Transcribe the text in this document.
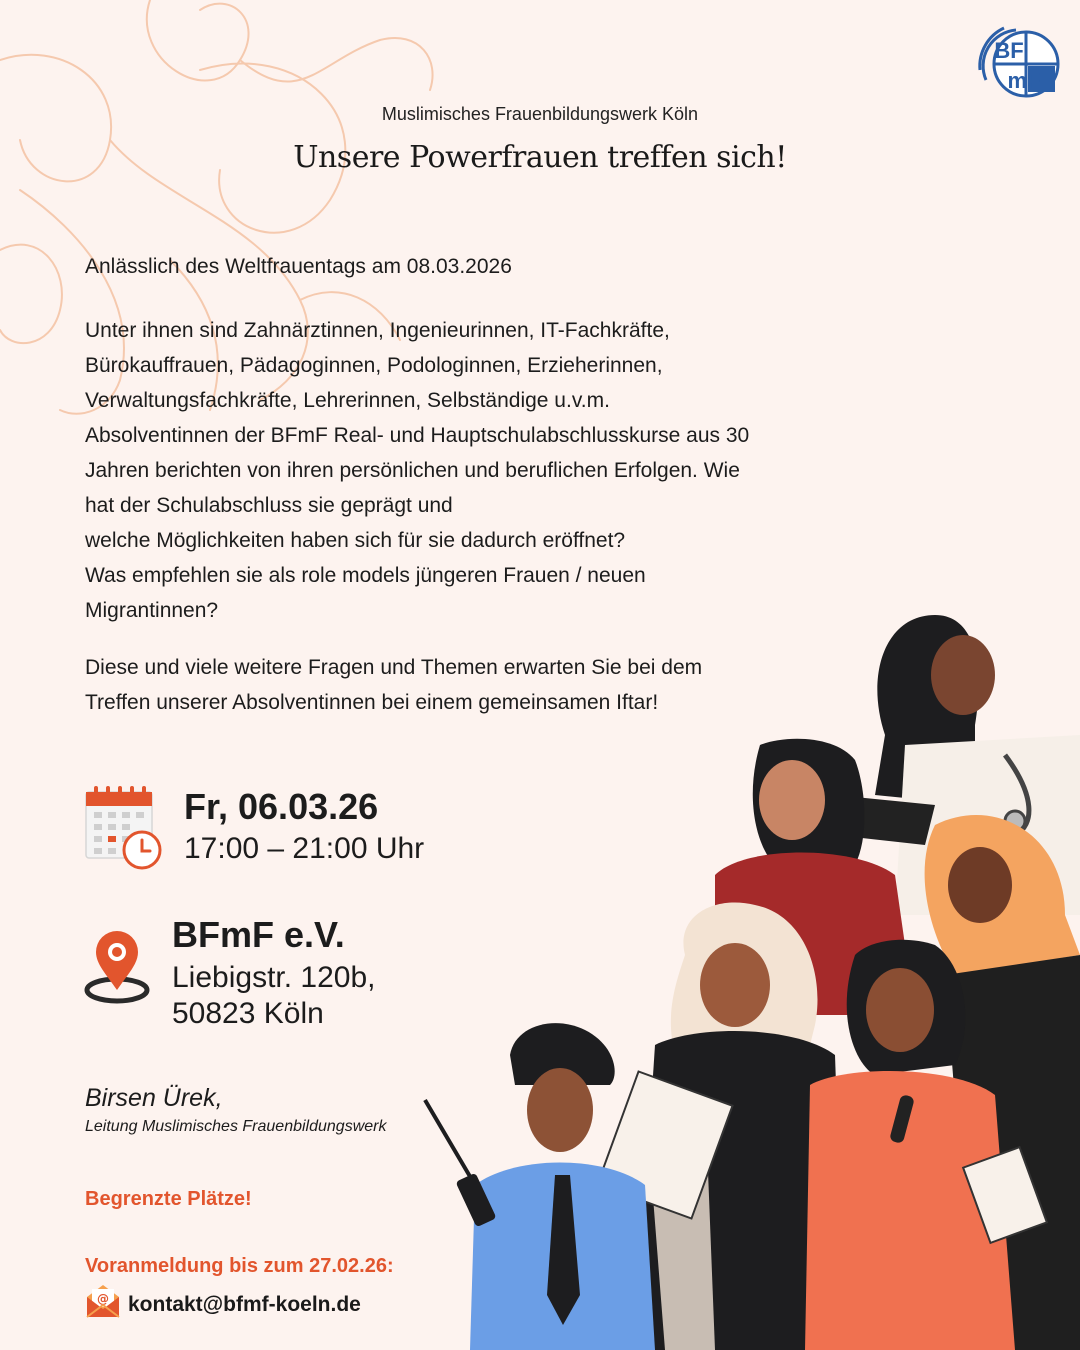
BF
mF
Muslimisches Frauenbildungswerk Köln
Unsere Powerfrauen treffen sich!
Anlässlich des Weltfrauentags am 08.03.2026
Unter ihnen sind Zahnärztinnen, Ingenieurinnen, IT-Fachkräfte,
Bürokauffrauen, Pädagoginnen, Podologinnen, Erzieherinnen,
Verwaltungsfachkräfte, Lehrerinnen, Selbständige u.v.m.
Absolventinnen der BFmF Real- und Hauptschulabschlusskurse aus 30
Jahren berichten von ihren persönlichen und beruflichen Erfolgen. Wie
hat der Schulabschluss sie geprägt und
welche Möglichkeiten haben sich für sie dadurch eröffnet?
Was empfehlen sie als role models jüngeren Frauen / neuen
Migrantinnen?
Diese und viele weitere Fragen und Themen erwarten Sie bei dem
Treffen unserer Absolventinnen bei einem gemeinsamen Iftar!
Fr, 06.03.26
17:00 – 21:00 Uhr
BFmF e.V.
Liebigstr. 120b,
50823 Köln
Birsen Ürek,
Leitung Muslimisches Frauenbildungswerk
Begrenzte Plätze!
Voranmeldung bis zum 27.02.26:
@ kontakt@bfmf-koeln.de
